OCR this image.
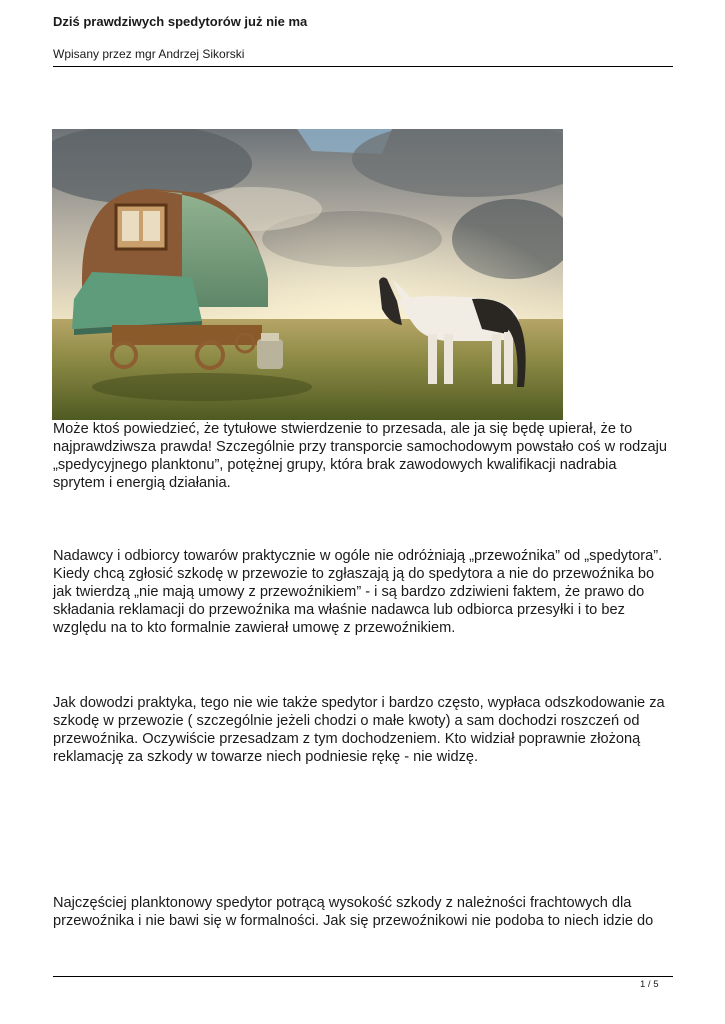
Dziś prawdziwych spedytorów już nie ma
Wpisany przez mgr Andrzej Sikorski

Może ktoś powiedzieć, że tytułowe stwierdzenie to przesada, ale ja się będę upierał, że to
najprawdziwsza prawda! Szczególnie przy transporcie samochodowym powstało coś w rodzaju
„spedycyjnego planktonu”, potężnej grupy, która brak zawodowych kwalifikacji nadrabia
sprytem i energią działania.

Nadawcy i odbiorcy towarów praktycznie w ogóle nie odróżniają „przewoźnika” od „spedytora”.
Kiedy chcą zgłosić szkodę w przewozie to zgłaszają ją do spedytora a nie do przewoźnika bo
jak twierdzą „nie mają umowy z przewoźnikiem” - i są bardzo zdziwieni faktem, że prawo do
składania reklamacji do przewoźnika ma właśnie nadawca lub odbiorca przesyłki i to bez
względu na to kto formalnie zawierał umowę z przewoźnikiem.

Jak dowodzi praktyka, tego nie wie także spedytor i bardzo często, wypłaca odszkodowanie za
szkodę w przewozie ( szczególnie jeżeli chodzi o małe kwoty) a sam dochodzi roszczeń od
przewoźnika. Oczywiście przesadzam z tym dochodzeniem. Kto widział poprawnie złożoną
reklamację za szkody w towarze niech podniesie rękę - nie widzę.

Najczęściej planktonowy spedytor potrącą wysokość szkody z należności frachtowych dla
przewoźnika i nie bawi się w formalności. Jak się przewoźnikowi nie podoba to niech idzie do

1 / 5
